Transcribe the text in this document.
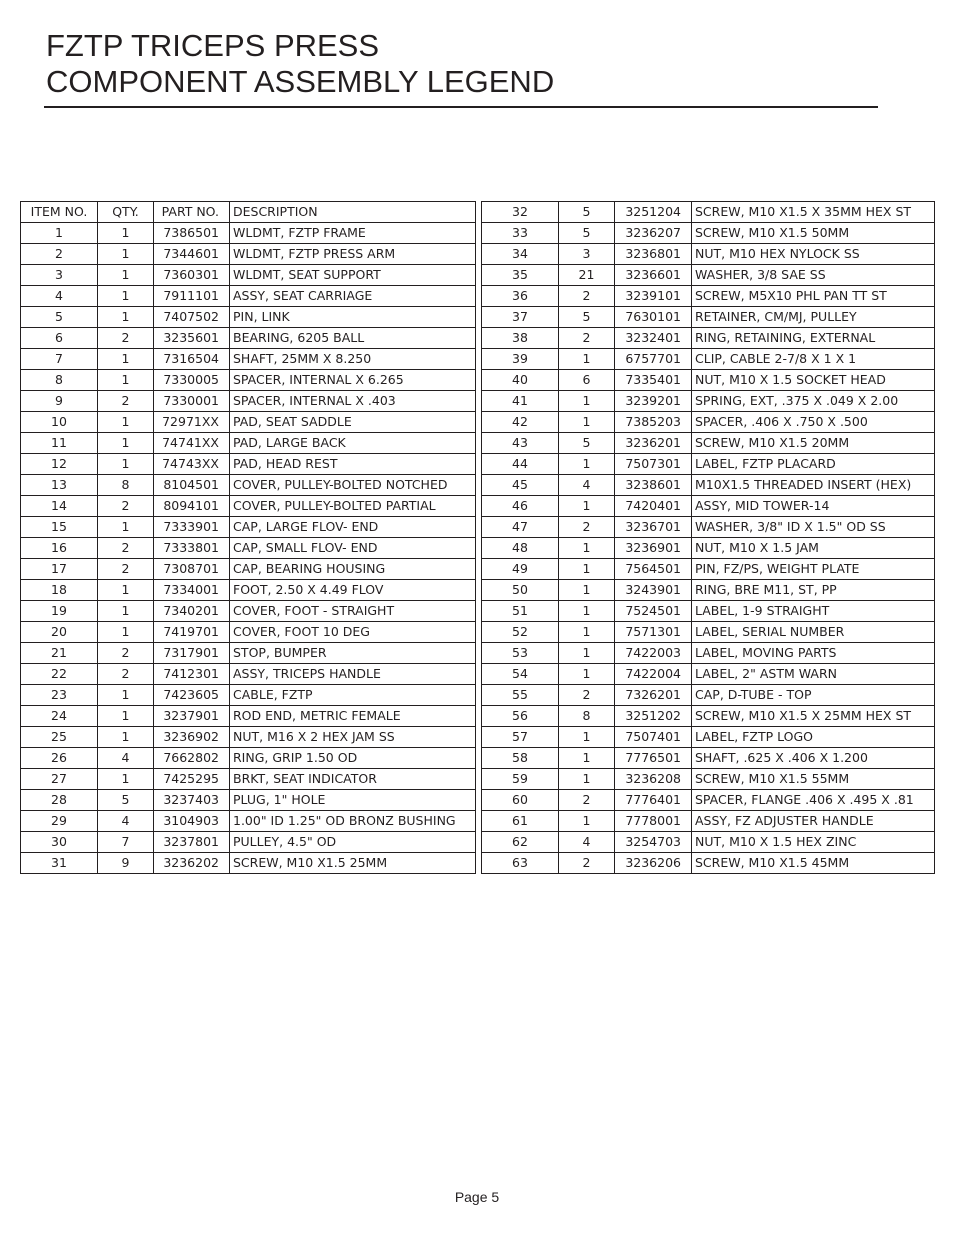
FZTP TRICEPS PRESS
COMPONENT ASSEMBLY LEGEND
ITEM NO.	QTY.	PART NO.	DESCRIPTION
1	1	7386501	WLDMT, FZTP FRAME
2	1	7344601	WLDMT, FZTP PRESS ARM
3	1	7360301	WLDMT, SEAT SUPPORT
4	1	7911101	ASSY, SEAT CARRIAGE
5	1	7407502	PIN, LINK
6	2	3235601	BEARING, 6205 BALL
7	1	7316504	SHAFT, 25MM X 8.250
8	1	7330005	SPACER, INTERNAL X 6.265
9	2	7330001	SPACER, INTERNAL X .403
10	1	72971XX	PAD, SEAT SADDLE
11	1	74741XX	PAD, LARGE BACK
12	1	74743XX	PAD, HEAD REST
13	8	8104501	COVER, PULLEY-BOLTED NOTCHED
14	2	8094101	COVER, PULLEY-BOLTED PARTIAL
15	1	7333901	CAP, LARGE FLOV- END
16	2	7333801	CAP, SMALL FLOV- END
17	2	7308701	CAP, BEARING HOUSING
18	1	7334001	FOOT, 2.50 X 4.49 FLOV
19	1	7340201	COVER, FOOT - STRAIGHT
20	1	7419701	COVER, FOOT 10 DEG
21	2	7317901	STOP, BUMPER
22	2	7412301	ASSY, TRICEPS HANDLE
23	1	7423605	CABLE, FZTP
24	1	3237901	ROD END, METRIC FEMALE
25	1	3236902	NUT, M16 X 2 HEX JAM SS
26	4	7662802	RING, GRIP 1.50 OD
27	1	7425295	BRKT, SEAT INDICATOR
28	5	3237403	PLUG, 1" HOLE
29	4	3104903	1.00" ID 1.25" OD BRONZ BUSHING
30	7	3237801	PULLEY, 4.5" OD
31	9	3236202	SCREW, M10 X1.5 25MM
32	5	3251204	SCREW, M10 X1.5 X 35MM HEX ST
33	5	3236207	SCREW, M10 X1.5 50MM
34	3	3236801	NUT, M10 HEX NYLOCK SS
35	21	3236601	WASHER, 3/8 SAE SS
36	2	3239101	SCREW, M5X10 PHL PAN TT ST
37	5	7630101	RETAINER, CM/MJ, PULLEY
38	2	3232401	RING, RETAINING, EXTERNAL
39	1	6757701	CLIP, CABLE 2-7/8 X 1 X 1
40	6	7335401	NUT, M10 X 1.5 SOCKET HEAD
41	1	3239201	SPRING, EXT, .375 X .049 X 2.00
42	1	7385203	SPACER, .406 X .750 X .500
43	5	3236201	SCREW, M10 X1.5 20MM
44	1	7507301	LABEL, FZTP PLACARD
45	4	3238601	M10X1.5 THREADED INSERT (HEX)
46	1	7420401	ASSY, MID TOWER-14
47	2	3236701	WASHER, 3/8" ID X 1.5" OD SS
48	1	3236901	NUT, M10 X 1.5 JAM
49	1	7564501	PIN, FZ/PS, WEIGHT PLATE
50	1	3243901	RING, BRE M11, ST, PP
51	1	7524501	LABEL, 1-9 STRAIGHT
52	1	7571301	LABEL, SERIAL NUMBER
53	1	7422003	LABEL, MOVING PARTS
54	1	7422004	LABEL, 2" ASTM WARN
55	2	7326201	CAP, D-TUBE - TOP
56	8	3251202	SCREW, M10 X1.5 X 25MM HEX ST
57	1	7507401	LABEL, FZTP LOGO
58	1	7776501	SHAFT, .625 X .406 X 1.200
59	1	3236208	SCREW, M10 X1.5 55MM
60	2	7776401	SPACER, FLANGE .406 X .495 X .81
61	1	7778001	ASSY, FZ ADJUSTER HANDLE
62	4	3254703	NUT, M10 X 1.5 HEX ZINC
63	2	3236206	SCREW, M10 X1.5 45MM
Page 5
